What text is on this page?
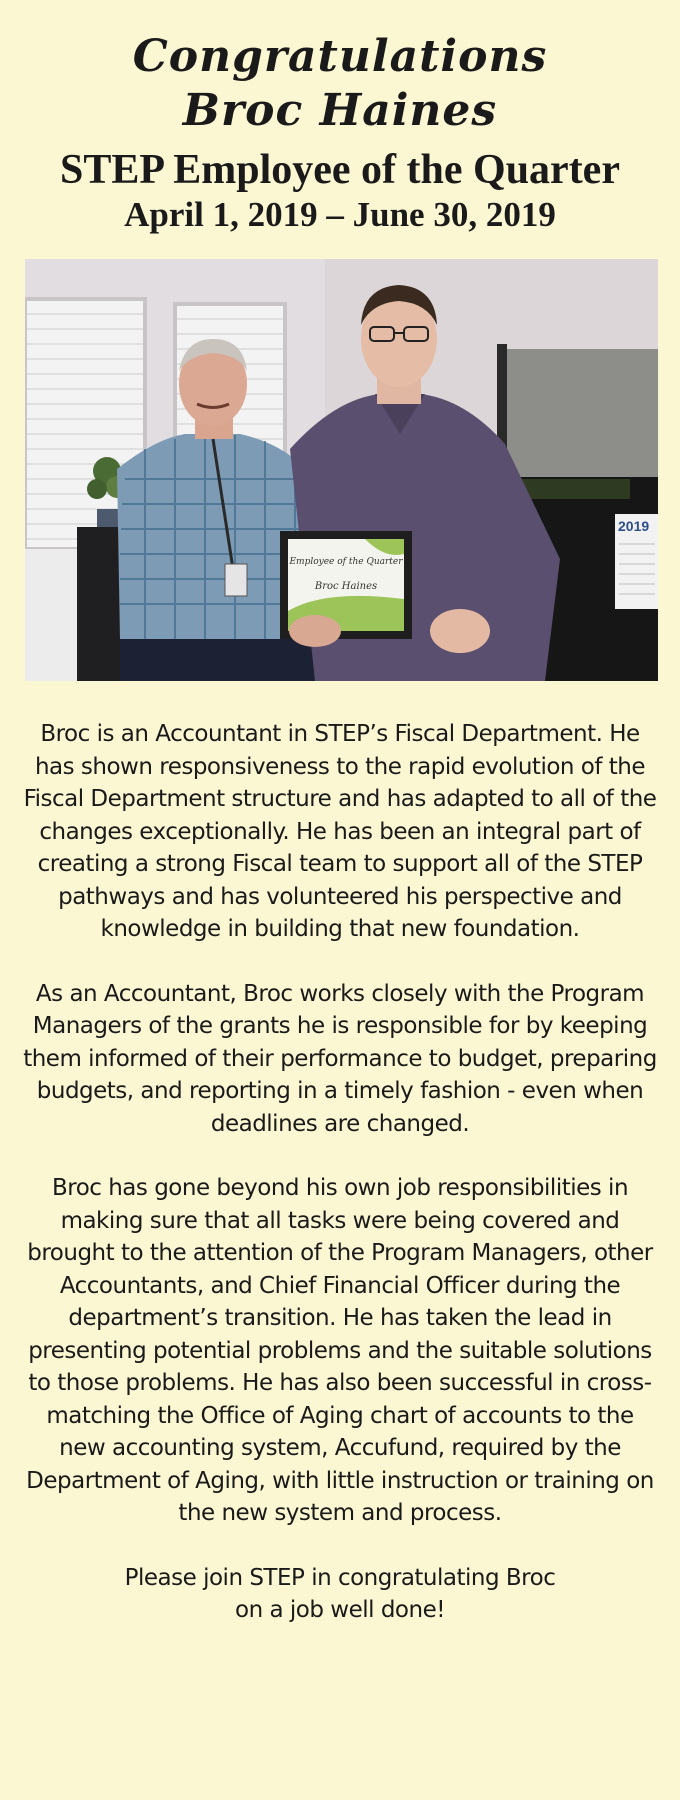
Congratulations
Broc Haines
STEP Employee of the Quarter
April 1, 2019 – June 30, 2019
2019
Employee of the Quarter
Broc Haines

Broc is an Accountant in STEP’s Fiscal Department. He has shown responsiveness to the rapid evolution of the Fiscal Department structure and has adapted to all of the changes exceptionally. He has been an integral part of creating a strong Fiscal team to support all of the STEP pathways and has volunteered his perspective and knowledge in building that new foundation.

As an Accountant, Broc works closely with the Program Managers of the grants he is responsible for by keeping them informed of their performance to budget, preparing budgets, and reporting in a timely fashion - even when deadlines are changed.

Broc has gone beyond his own job responsibilities in making sure that all tasks were being covered and brought to the attention of the Program Managers, other Accountants, and Chief Financial Officer during the department’s transition. He has taken the lead in presenting potential problems and the suitable solutions to those problems. He has also been successful in cross-matching the Office of Aging chart of accounts to the new accounting system, Accufund, required by the Department of Aging, with little instruction or training on the new system and process.

Please join STEP in congratulating Broc
on a job well done!
